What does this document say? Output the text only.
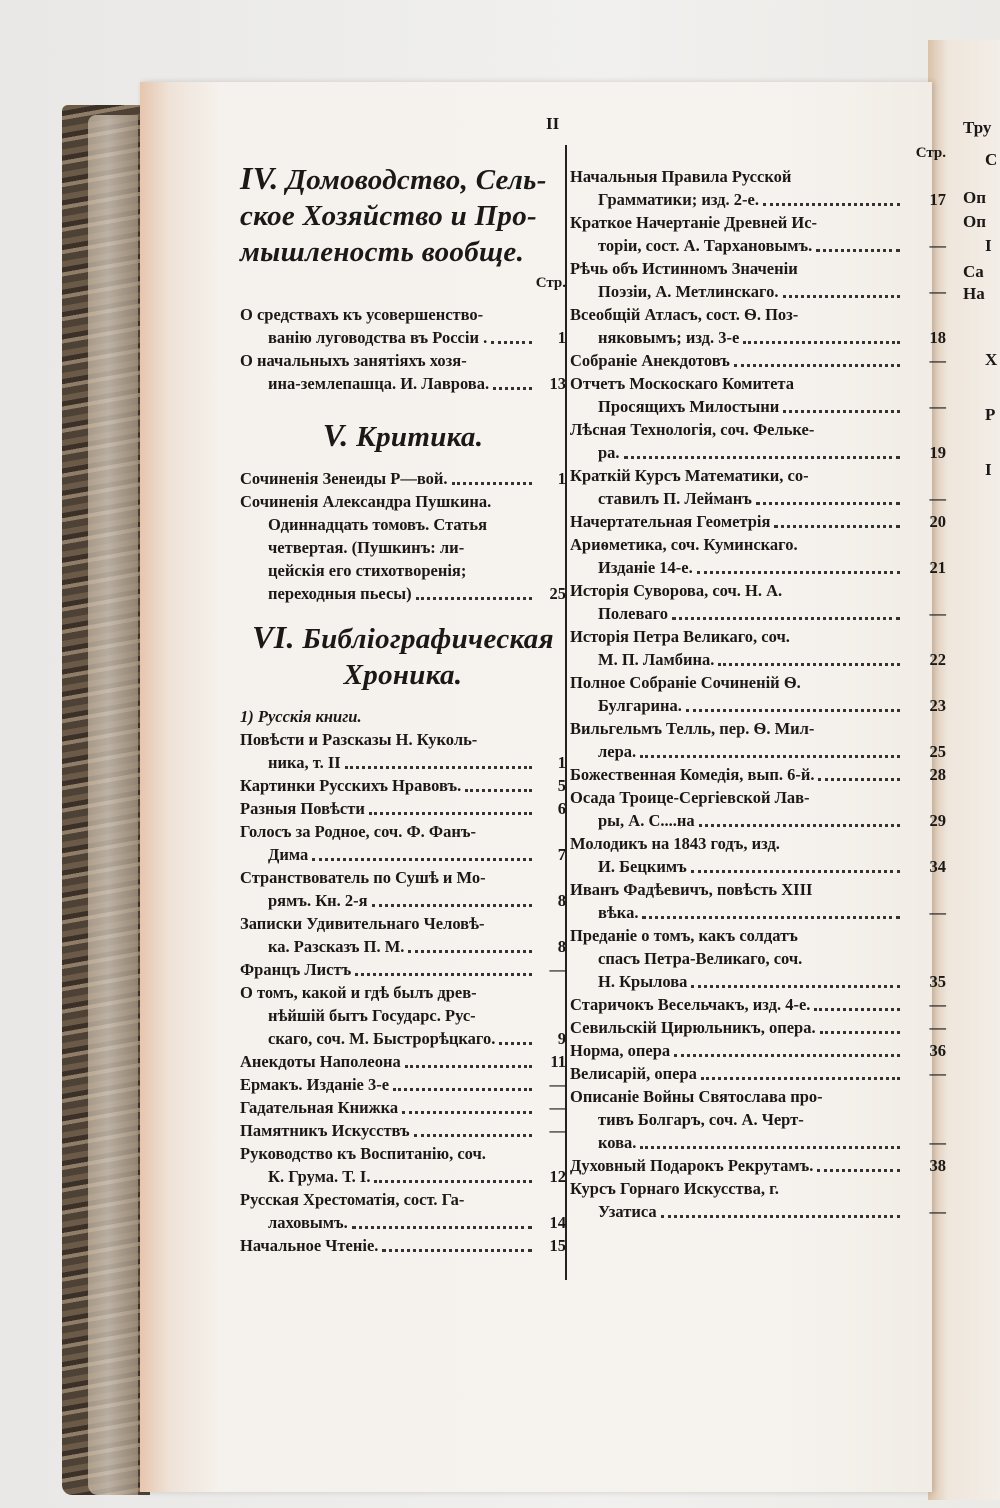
Тру
С
Оп
Оп
I
Са
На
Х
Р
I
II
IV. Домоводство, Сель-
ское Хозяйство и Про-
мышленость вообще.
Стр.
О средствахъ къ усовершенство-
ванiю луговодства въ Россiи .	1
О начальныхъ занятiяхъ хозя-
ина-землепашца. И. Лаврова.	13
V. Критика.
Сочиненiя Зенеиды Р—вой.	1
Сочиненiя Александра Пушкина.
Одиннадцать томовъ. Статья
четвертая. (Пушкинъ: ли-
цейскiя его стихотворенiя;
переходныя пьесы)	25
VI. Библiографическая
Хроника.
1) Русскiя книги.
Повѣсти и Разсказы Н. Куколь-
ника, т. II	1
Картинки Русскихъ Нравовъ.	5
Разныя Повѣсти	6
Голосъ за Родное, соч. Ф. Фанъ-
Дима	7
Странствователь по Сушѣ и Мо-
рямъ. Кн. 2-я	8
Записки Удивительнаго Человѣ-
ка. Разсказъ П. М.	8
Францъ Листъ	—
О томъ, какой и гдѣ былъ древ-
нѣйшiй бытъ Государс. Рус-
скаго, соч. М. Быстрорѣцкаго.	9
Анекдоты Наполеона	11
Ермакъ. Изданiе 3-е	—
Гадательная Книжка	—
Памятникъ Искусствъ	—
Руководство къ Воспитанiю, соч.
К. Грума. Т. I.	12
Русская Хрестоматiя, сост. Га-
лаховымъ.	14
Начальное Чтенiе.	15
Стр.
Начальныя Правила Русской
Грамматики; изд. 2-е.	17
Краткое Начертанiе Древней Ис-
торiи, сост. А. Тархановымъ.	—
Рѣчь объ Истинномъ Значенiи
Поэзiи, А. Метлинскаго.	—
Всеобщiй Атласъ, сост. Ѳ. Поз-
няковымъ; изд. 3-е	18
Собранiе Анекдотовъ	—
Отчетъ Москоскаго Комитета
Просящихъ Милостыни	—
Лѣсная Технологiя, соч. Фельке-
ра.	19
Краткiй Курсъ Математики, со-
ставилъ П. Лейманъ	—
Начертательная Геометрiя	20
Ариѳметика, соч. Куминскаго.
Изданiе 14-е.	21
Исторiя Суворова, соч. Н. А.
Полеваго	—
Исторiя Петра Великаго, соч.
М. П. Ламбина.	22
Полное Собранiе Сочиненiй Ѳ.
Булгарина.	23
Вильгельмъ Телль, пер. Ѳ. Мил-
лера.	25
Божественная Комедiя, вып. 6-й.	28
Осада Троице-Сергiевской Лав-
ры, А. С....на	29
Молодикъ на 1843 годъ, изд.
И. Бецкимъ	34
Иванъ Фадѣевичъ, повѣсть XIII
вѣка.	—
Преданiе о томъ, какъ солдатъ
спасъ Петра-Великаго, соч.
Н. Крылова	35
Старичокъ Весельчакъ, изд. 4-е.	—
Севильскiй Цирюльникъ, опера.	—
Норма, опера	36
Велисарiй, опера	—
Описанiе Войны Святослава про-
тивъ Болгаръ, соч. А. Черт-
кова.	—
Духовный Подарокъ Рекрутамъ.	38
Курсъ Горнаго Искусства, г.
Узатиса	—
